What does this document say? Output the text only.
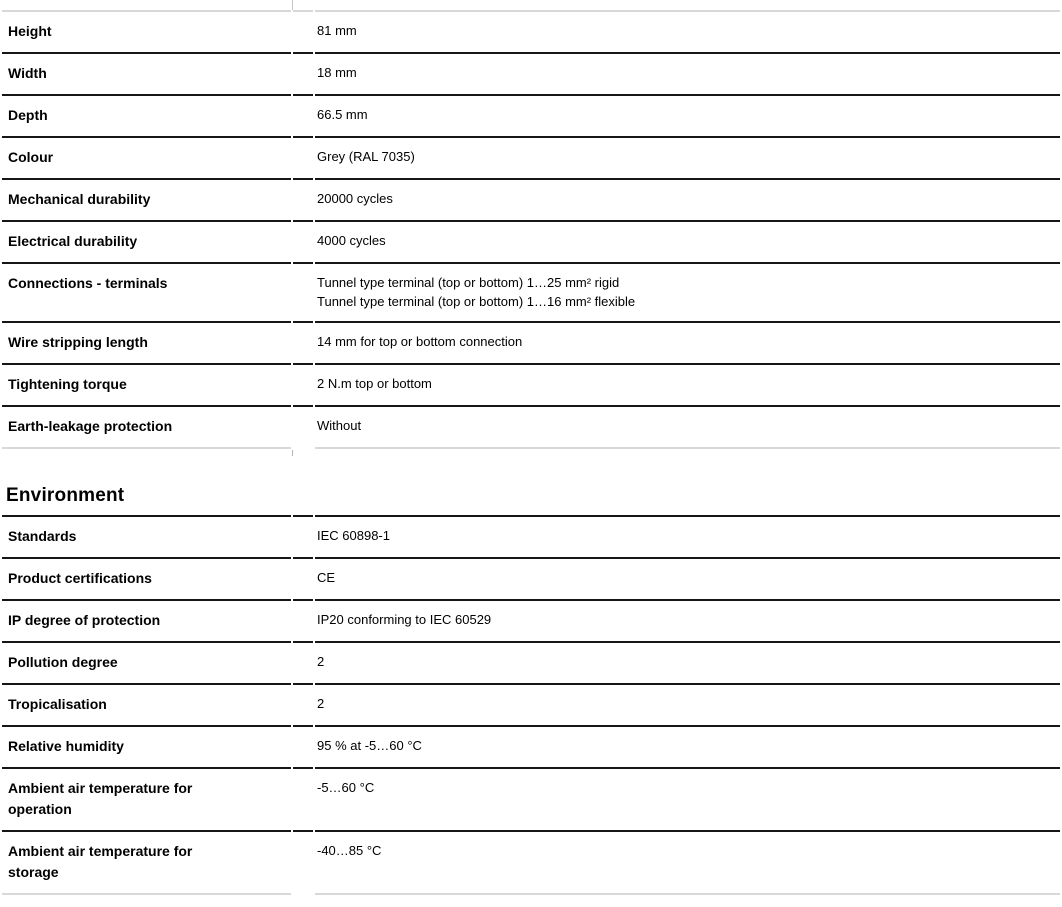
Height		81 mm
Width		18 mm
Depth		66.5 mm
Colour		Grey (RAL 7035)
Mechanical durability		20000 cycles
Electrical durability		4000 cycles
Connections - terminals		Tunnel type terminal (top or bottom) 1…25 mm² rigid
Tunnel type terminal (top or bottom) 1…16 mm² flexible

Wire stripping length		14 mm for top or bottom connection
Tightening torque		2 N.m top or bottom
Earth-leakage protection		Without
Environment

Standards		IEC 60898-1
Product certifications		CE
IP degree of protection		IP20 conforming to IEC 60529
Pollution degree		2
Tropicalisation		2
Relative humidity		95 % at -5…60 °C

Ambient air temperature for
operation		-5…60 °C

Ambient air temperature for
storage		-40…85 °C
